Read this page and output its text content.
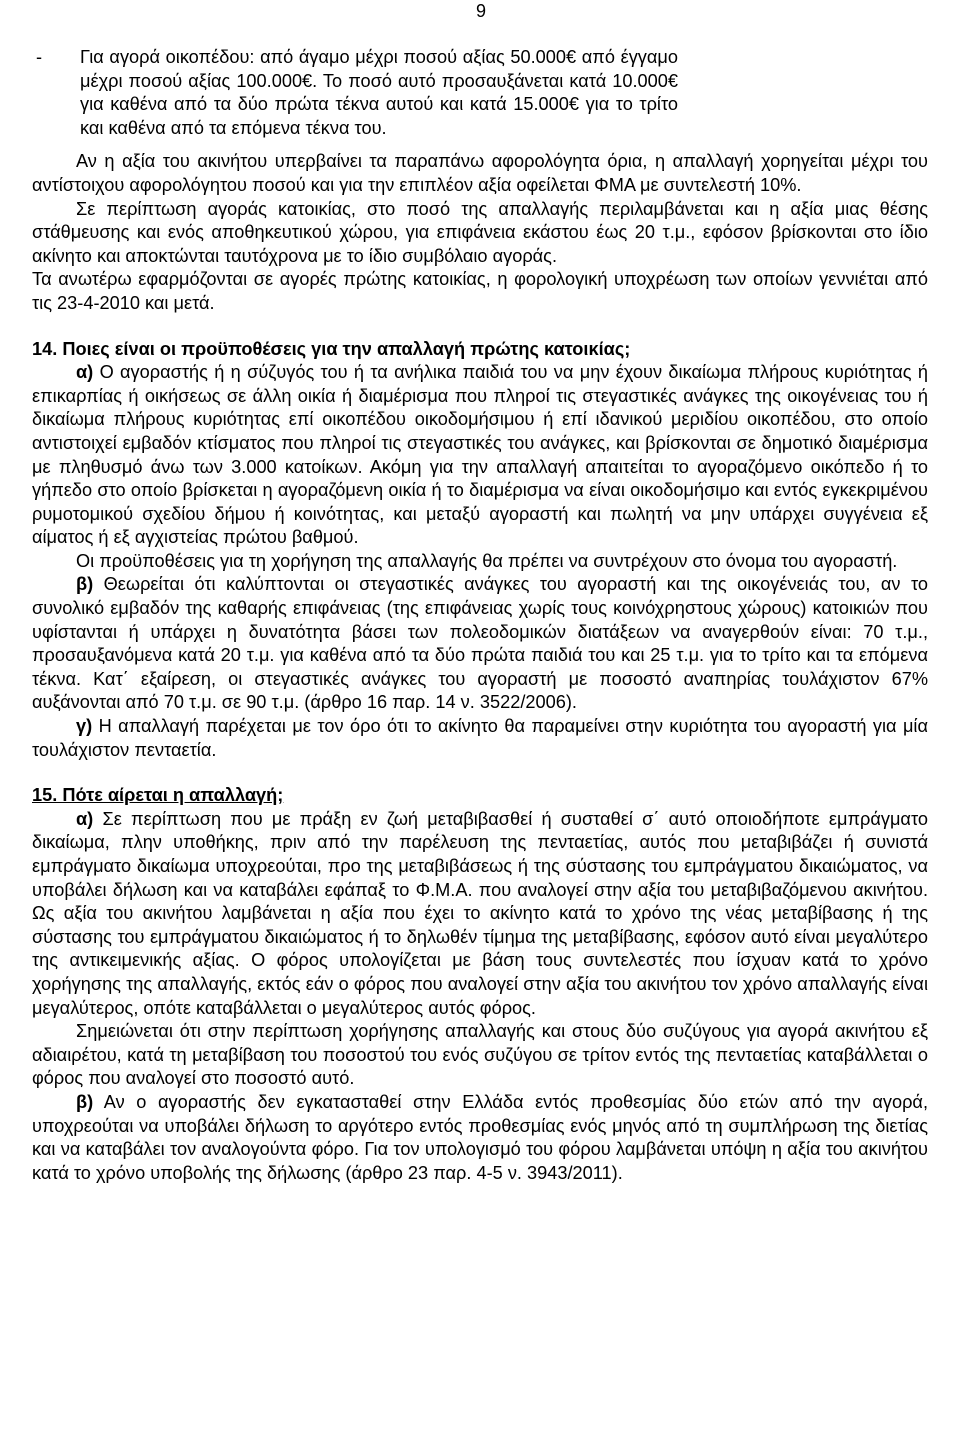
9
-	Για αγορά οικοπέδου: από άγαμο μέχρι ποσού αξίας 50.000€ από έγγαμο μέχρι ποσού αξίας 100.000€. Το ποσό αυτό προσαυξάνεται κατά 10.000€ για καθένα από τα δύο πρώτα τέκνα αυτού και κατά 15.000€ για το τρίτο και καθένα από τα επόμενα τέκνα του.

Αν η αξία του ακινήτου υπερβαίνει τα παραπάνω αφορολόγητα όρια, η απαλλαγή χορηγείται μέχρι του αντίστοιχου αφορολόγητου ποσού και για την επιπλέον αξία οφείλεται ΦΜΑ με συντελεστή 10%.

Σε περίπτωση αγοράς κατοικίας, στο ποσό της απαλλαγής περιλαμβάνεται και η αξία μιας θέσης στάθμευσης και ενός αποθηκευτικού χώρου, για επιφάνεια εκάστου έως 20 τ.μ., εφόσον βρίσκονται στο ίδιο ακίνητο και αποκτώνται ταυτόχρονα με το ίδιο συμβόλαιο αγοράς.

Τα ανωτέρω εφαρμόζονται σε αγορές πρώτης κατοικίας, η φορολογική υποχρέωση των οποίων γεννιέται από τις 23-4-2010 και μετά.

14. Ποιες είναι οι προϋποθέσεις για την απαλλαγή πρώτης κατοικίας;

α) Ο αγοραστής ή η σύζυγός του ή τα ανήλικα παιδιά του να μην έχουν δικαίωμα πλήρους κυριότητας ή επικαρπίας ή οικήσεως σε άλλη οικία ή διαμέρισμα που πληροί τις στεγαστικές ανάγκες της οικογένειας του ή δικαίωμα πλήρους κυριότητας επί οικοπέδου οικοδομήσιμου ή επί ιδανικού μεριδίου οικοπέδου, στο οποίο αντιστοιχεί εμβαδόν κτίσματος που πληροί τις στεγαστικές του ανάγκες, και βρίσκονται σε δημοτικό διαμέρισμα με πληθυσμό άνω των 3.000 κατοίκων. Ακόμη για την απαλλαγή απαιτείται το αγοραζόμενο οικόπεδο ή το γήπεδο στο οποίο βρίσκεται η αγοραζόμενη οικία ή το διαμέρισμα να είναι οικοδομήσιμο και εντός εγκεκριμένου ρυμοτομικού σχεδίου δήμου ή κοινότητας, και μεταξύ αγοραστή και πωλητή να μην υπάρχει συγγένεια εξ αίματος ή εξ αγχιστείας πρώτου βαθμού.

Οι προϋποθέσεις για τη χορήγηση της απαλλαγής θα πρέπει να συντρέχουν στο όνομα του αγοραστή.

β) Θεωρείται ότι καλύπτονται οι στεγαστικές ανάγκες του αγοραστή και της οικογένειάς του, αν το συνολικό εμβαδόν της καθαρής επιφάνειας (της επιφάνειας χωρίς τους κοινόχρηστους χώρους) κατοικιών που υφίστανται ή υπάρχει η δυνατότητα βάσει των πολεοδομικών διατάξεων να αναγερθούν είναι: 70 τ.μ., προσαυξανόμενα κατά 20 τ.μ. για καθένα από τα δύο πρώτα παιδιά του και 25 τ.μ. για το τρίτο και τα επόμενα τέκνα. Κατ΄ εξαίρεση, οι στεγαστικές ανάγκες του αγοραστή με ποσοστό αναπηρίας τουλάχιστον 67% αυξάνονται από 70 τ.μ. σε 90 τ.μ. (άρθρο 16 παρ. 14 ν. 3522/2006).

γ) Η απαλλαγή παρέχεται με τον όρο ότι το ακίνητο θα παραμείνει στην κυριότητα του αγοραστή για μία τουλάχιστον πενταετία.

15. Πότε αίρεται η απαλλαγή;

α) Σε περίπτωση που με πράξη εν ζωή μεταβιβασθεί ή συσταθεί σ΄ αυτό οποιοδήποτε εμπράγματο δικαίωμα, πλην υποθήκης, πριν από την παρέλευση της πενταετίας, αυτός που μεταβιβάζει ή συνιστά εμπράγματο δικαίωμα υποχρεούται, προ της μεταβιβάσεως ή της σύστασης του εμπράγματου δικαιώματος, να υποβάλει δήλωση και να καταβάλει εφάπαξ το Φ.Μ.Α. που αναλογεί στην αξία του μεταβιβαζόμενου ακινήτου. Ως αξία του ακινήτου λαμβάνεται η αξία που έχει το ακίνητο κατά το χρόνο της νέας μεταβίβασης ή της σύστασης του εμπράγματου δικαιώματος ή το δηλωθέν τίμημα της μεταβίβασης, εφόσον αυτό είναι μεγαλύτερο της αντικειμενικής αξίας. Ο φόρος υπολογίζεται με βάση τους συντελεστές που ίσχυαν κατά το χρόνο χορήγησης της απαλλαγής, εκτός εάν ο φόρος που αναλογεί στην αξία του ακινήτου τον χρόνο απαλλαγής είναι μεγαλύτερος, οπότε καταβάλλεται ο μεγαλύτερος αυτός φόρος.

Σημειώνεται ότι στην περίπτωση χορήγησης απαλλαγής και στους δύο συζύγους για αγορά ακινήτου εξ αδιαιρέτου, κατά τη μεταβίβαση του ποσοστού του ενός συζύγου σε τρίτον εντός της πενταετίας καταβάλλεται ο φόρος που αναλογεί στο ποσοστό αυτό.

β) Αν ο αγοραστής δεν εγκατασταθεί στην Ελλάδα εντός προθεσμίας δύο ετών από την αγορά, υποχρεούται να υποβάλει δήλωση το αργότερο εντός προθεσμίας ενός μηνός από τη συμπλήρωση της διετίας και να καταβάλει τον αναλογούντα φόρο. Για τον υπολογισμό του φόρου λαμβάνεται υπόψη η αξία του ακινήτου κατά το χρόνο υποβολής της δήλωσης (άρθρο 23 παρ. 4-5 ν. 3943/2011).
